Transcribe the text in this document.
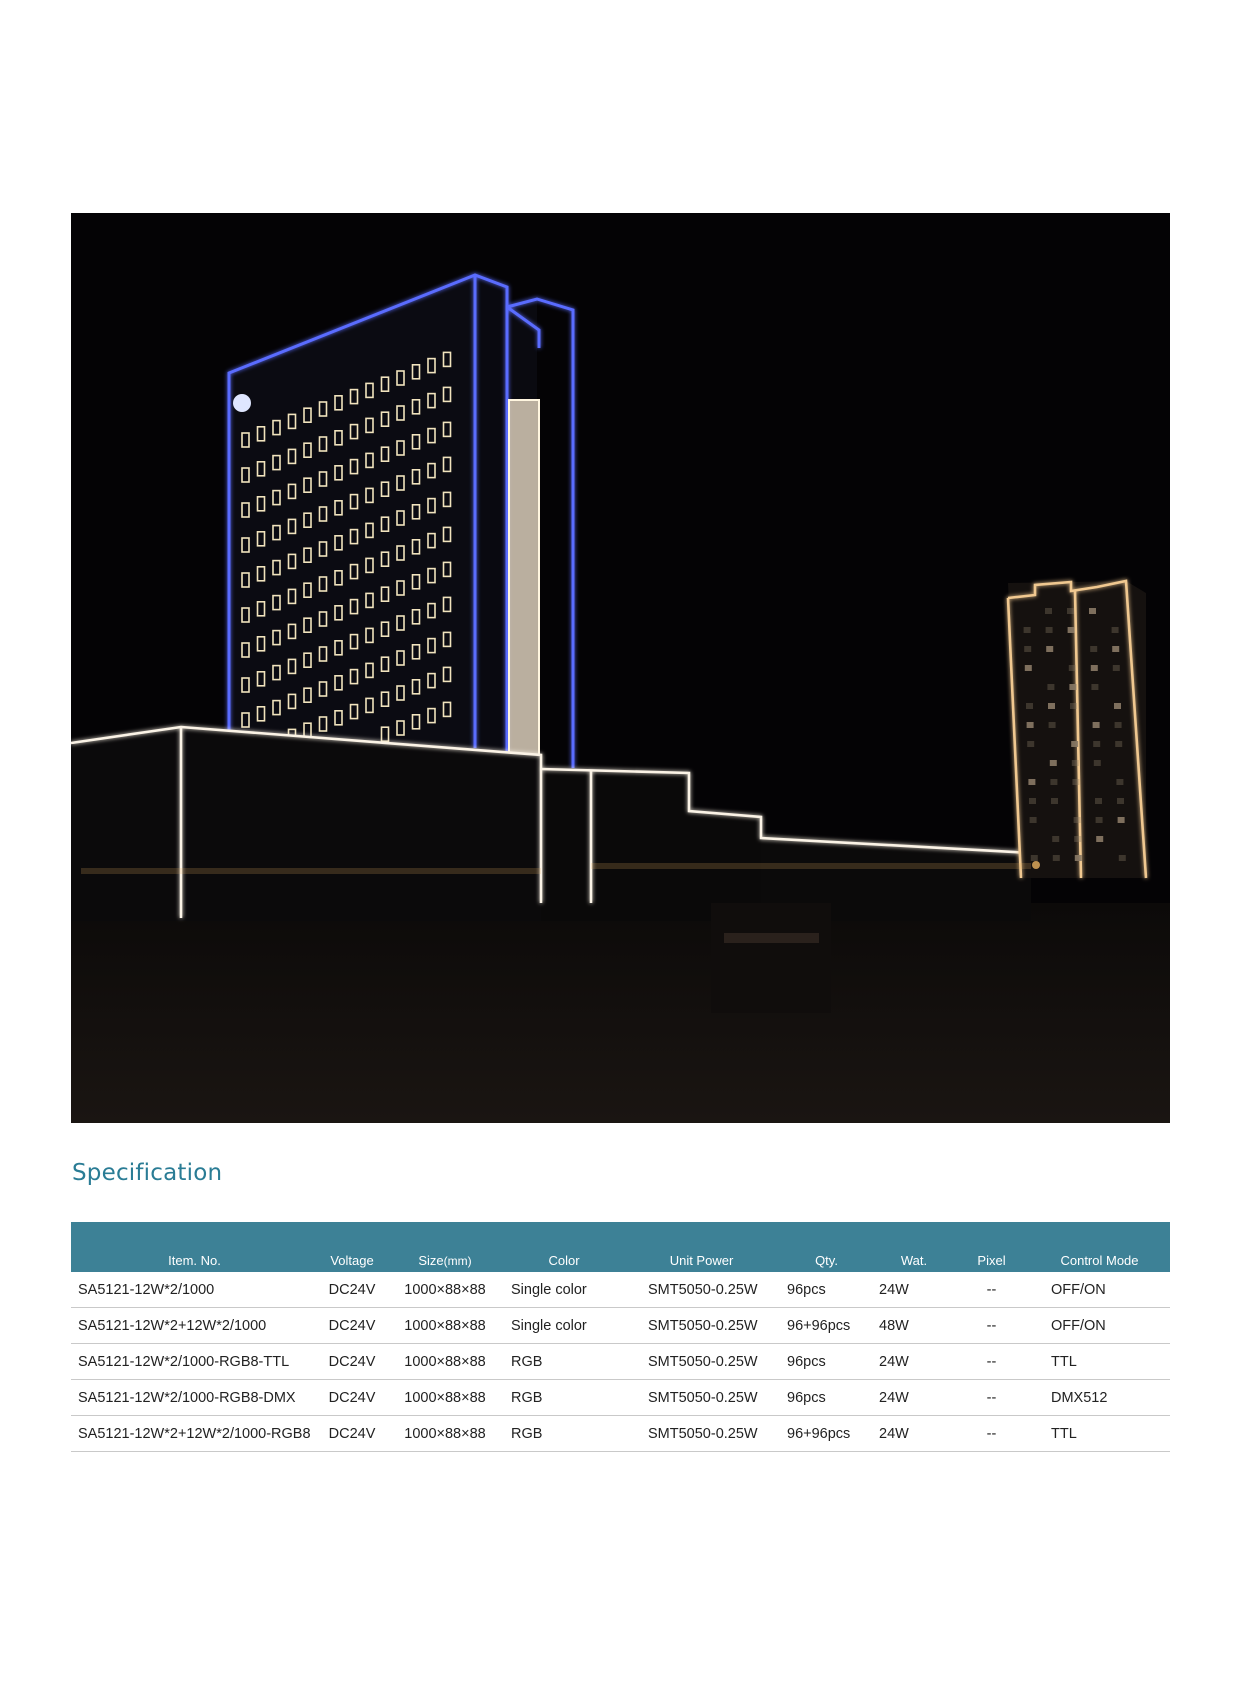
Specification
Item. No.	Voltage	Size(mm)	Color	Unit Power	Qty.	Wat.	Pixel	Control Mode
SA5121-12W*2/1000	DC24V	1000×88×88	Single color	SMT5050-0.25W	96pcs	24W	--	OFF/ON
SA5121-12W*2+12W*2/1000	DC24V	1000×88×88	Single color	SMT5050-0.25W	96+96pcs	48W	--	OFF/ON
SA5121-12W*2/1000-RGB8-TTL	DC24V	1000×88×88	RGB	SMT5050-0.25W	96pcs	24W	--	TTL
SA5121-12W*2/1000-RGB8-DMX	DC24V	1000×88×88	RGB	SMT5050-0.25W	96pcs	24W	--	DMX512
SA5121-12W*2+12W*2/1000-RGB8	DC24V	1000×88×88	RGB	SMT5050-0.25W	96+96pcs	24W	--	TTL
